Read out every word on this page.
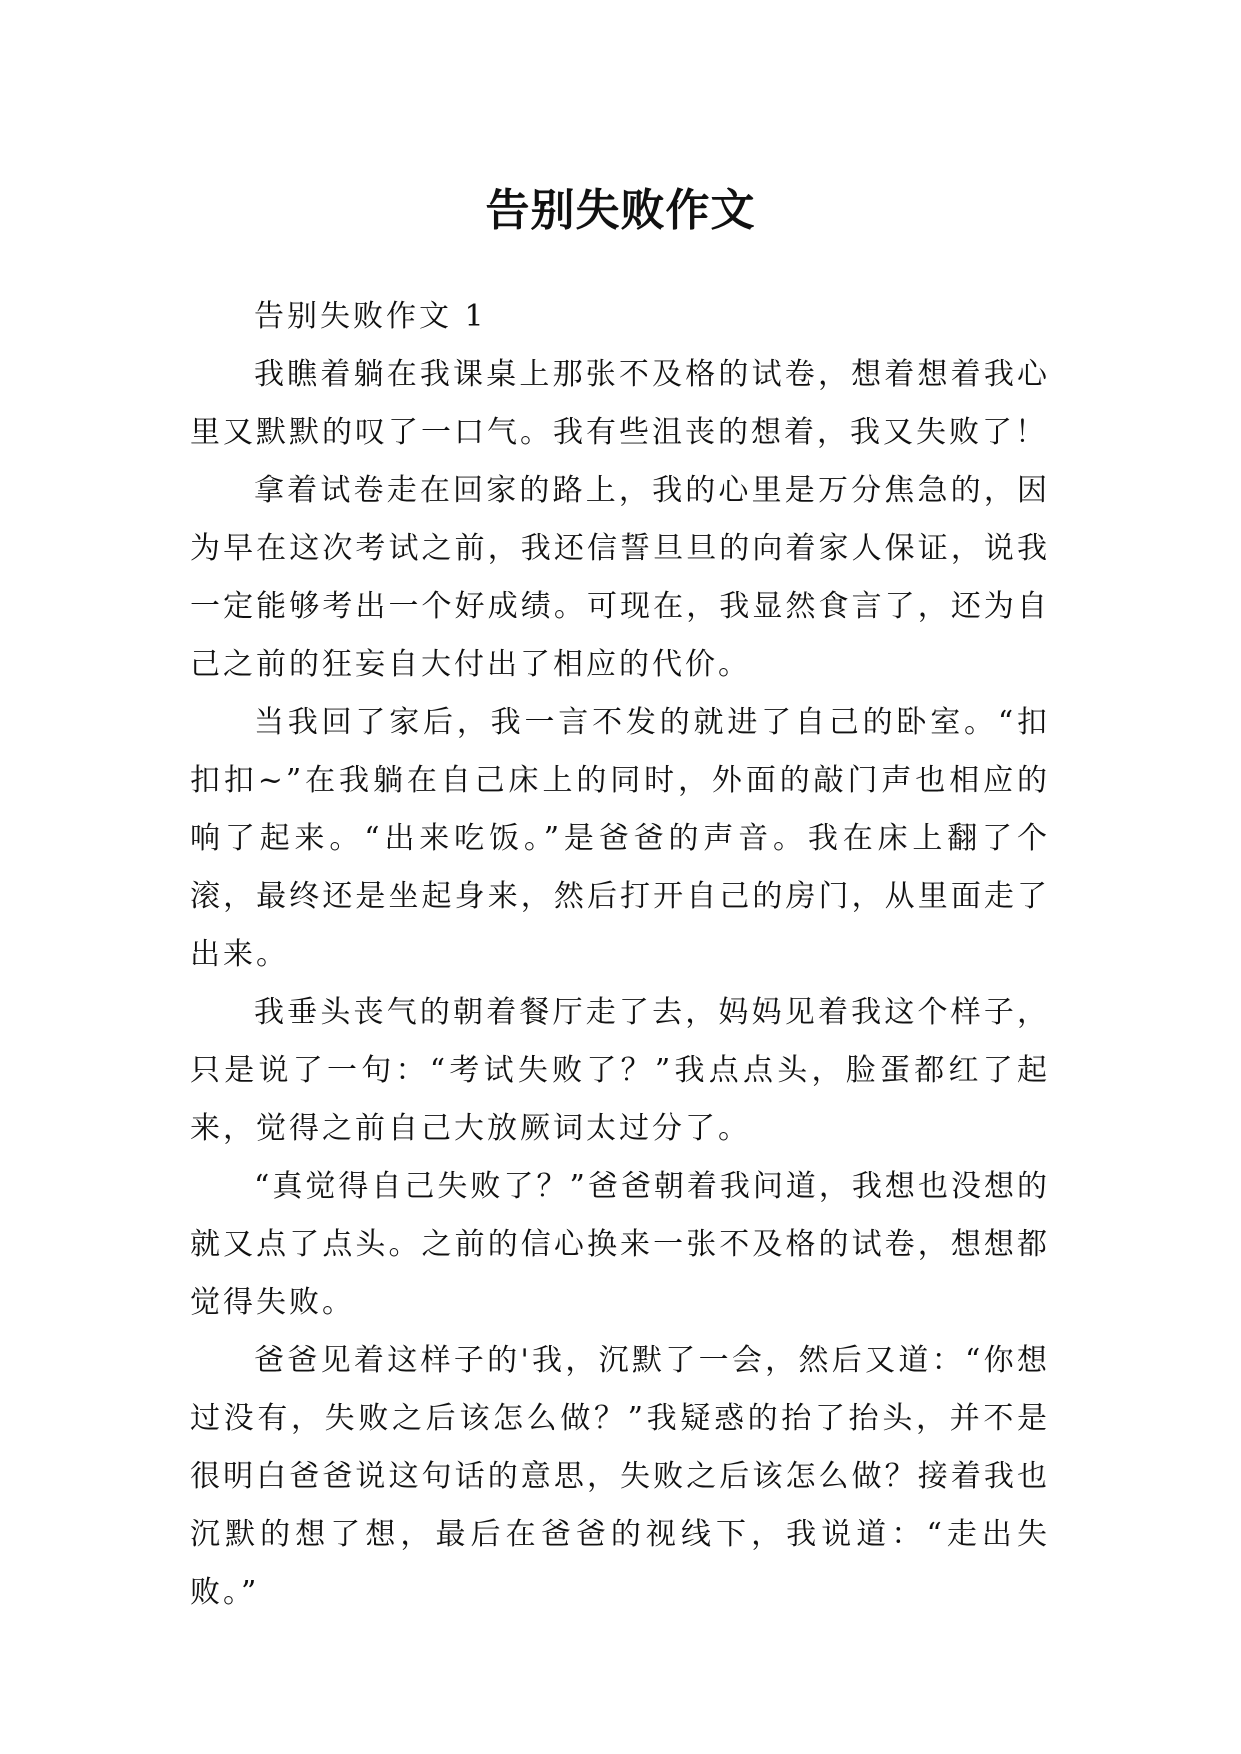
告别失败作文

告别失败作文 1

我瞧着躺在我课桌上那张不及格的试卷，想着想着我心里又默默的叹了一口气。我有些沮丧的想着，我又失败了！

拿着试卷走在回家的路上，我的心里是万分焦急的，因为早在这次考试之前，我还信誓旦旦的向着家人保证，说我一定能够考出一个好成绩。可现在，我显然食言了，还为自己之前的狂妄自大付出了相应的代价。

当我回了家后，我一言不发的就进了自己的卧室。“扣扣扣~”在我躺在自己床上的同时，外面的敲门声也相应的响了起来。“出来吃饭。”是爸爸的声音。我在床上翻了个滚，最终还是坐起身来，然后打开自己的房门，从里面走了出来。

我垂头丧气的朝着餐厅走了去，妈妈见着我这个样子，只是说了一句：“考试失败了？”我点点头，脸蛋都红了起来，觉得之前自己大放厥词太过分了。

“真觉得自己失败了？”爸爸朝着我问道，我想也没想的就又点了点头。之前的信心换来一张不及格的试卷，想想都觉得失败。

爸爸见着这样子的'我，沉默了一会，然后又道：“你想过没有，失败之后该怎么做？”我疑惑的抬了抬头，并不是很明白爸爸说这句话的意思，失败之后该怎么做？接着我也沉默的想了想，最后在爸爸的视线下，我说道：“走出失败。”
